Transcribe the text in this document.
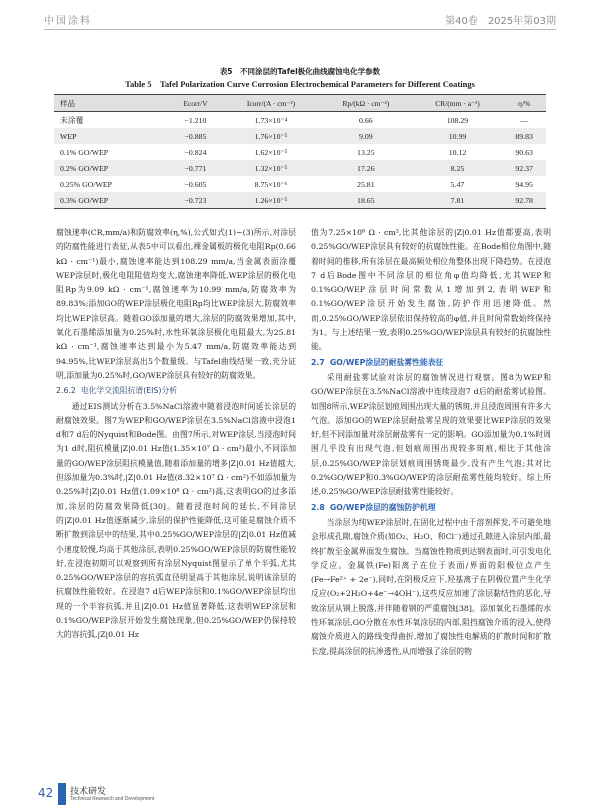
中国涂料	第40卷　2025年第03期
表5　不同涂层的Tafel极化曲线腐蚀电化学参数
Table 5　Tafel Polarization Curve Corrosion Electrochemical Parameters for Different Coatings
样品	Ecorr/V	Icorr/(A · cm⁻²)	Rp/(kΩ · cm⁻²)	CR/(mm · a⁻¹)	η/%
未涂覆	−1.210	1.73×10⁻⁴	0.66	108.29	—
WEP	−0.885	1.76×10⁻⁵	9.09	10.99	89.83
0.1% GO/WEP	−0.824	1.62×10⁻⁵	13.25	10.12	90.63
0.2% GO/WEP	−0.771	1.32×10⁻⁵	17.26	8.25	92.37
0.25% GO/WEP	−0.605	8.75×10⁻⁶	25.81	5.47	94.95
0.3% GO/WEP	−0.723	1.26×10⁻⁵	18.65	7.81	92.78

腐蚀速率(CR,mm/a)和防腐效率(η,%),公式如式(1)~(3)所示,对涂层的防腐性能进行表征,从表5中可以看出,裸金属板的极化电阻Rp(0.66 kΩ · cm⁻¹)最小,腐蚀速率能达到108.29 mm/a,当金属表面涂覆WEP涂层时,极化电阻阻值均变大,腐蚀速率降低,WEP涂层的极化电阻Rp为9.09 kΩ · cm⁻¹,腐蚀速率为10.99 mm/a,防腐效率为89.83%;添加GO的WEP涂层极化电阻Rp均比WEP涂层大,防腐效率均比WEP涂层高。随着GO添加量的增大,涂层的防腐效果增加,其中,氧化石墨烯添加量为0.25%时,水性环氧涂层极化电阻最大,为25.81 kΩ · cm⁻¹,腐蚀速率达到最小为5.47 mm/a,防腐效率能达到94.95%,比WEP涂层高出5个数量级。与Tafel曲线结果一致,充分证明,添加量为0.25%时,GO/WEP涂层具有较好的防腐效果。

2.6.2 电化学交流阻抗谱(EIS)分析

通过EIS测试分析在3.5%NaCl溶液中随着浸泡时间延长涂层的耐腐蚀效果。图7为WEP和GO/WEP涂层在3.5%NaCl溶液中浸泡1 d和7 d后的Nyquist和Bode图。由图7所示,对WEP涂层,当浸泡时间为1 d时,阻抗模量|Z|0.01 Hz值(1.35×10⁷ Ω · cm²)最小,不同添加量的GO/WEP涂层阻抗模量值,随着添加量的增多|Z|0.01 Hz值越大,但添加量为0.3%时,|Z|0.01 Hz值(8.32×10⁷ Ω · cm²)不如添加量为0.25%时|Z|0.01 Hz值(1.09×10⁸ Ω · cm²)高,这表明GO的过多添加,涂层的防腐效果降低[30]。随着浸泡时间的延长,不同涂层的|Z|0.01 Hz值逐渐减少,涂层的保护性能降低,这可能是腐蚀介质不断扩散到涂层中的结果,其中0.25%GO/WEP涂层的|Z|0.01 Hz值减小速度较慢,均高于其他涂层,表明0.25%GO/WEP涂层的防腐性能较好,在浸泡初期可以观察到所有涂层Nyquist图显示了单个半弧,尤其0.25%GO/WEP涂层的容抗弧直径明显高于其他涂层,说明该涂层的抗腐蚀性能较好。在浸泡7 d后WEP涂层和0.1%GO/WEP涂层均出现的一个半容抗弧,并且|Z|0.01 Hz值显著降低,这表明WEP涂层和0.1%GO/WEP涂层开始发生腐蚀现象,但0.25%GO/WEP仍保持较大的容抗弧,|Z|0.01 Hz

值为7.25×10⁸ Ω · cm²,比其他涂层的|Z|0.01 Hz值都要高,表明0.25%GO/WEP涂层具有较好的抗腐蚀性能。在Bode相位角图中,随着时间的推移,所有涂层在最高频处相位角整体出现下降趋势。在浸泡7 d后Bode图中不同涂层的相位角φ值均降低,尤其WEP和0.1%GO/WEP涂层时间常数从1增加到2,表明WEP和0.1%GO/WEP涂层开始发生腐蚀,防护作用迅速降低。然而,0.25%GO/WEP涂层依旧保持较高的φ值,并且时间常数始终保持为1。与上述结果一致,表明0.25%GO/WEP涂层具有较好的抗腐蚀性能。

2.7 GO/WEP涂层的耐盐雾性能表征

采用耐盐雾试验对涂层的腐蚀情况进行观察。图8为WEP和GO/WEP涂层在3.5%NaCl溶液中连续浸泡7 d后的耐盐雾试验图。如图8所示,WEP涂层划痕周围出现大量的锈斑,并且浸泡周围有许多大气泡。添加GO的WEP涂层耐盐雾呈现的效果要比WEP涂层的效果好,但不同添加量对涂层耐盐雾有一定的影响。GO添加量为0.1%时周围几乎没有出现气泡,但划痕周围出现较多斑痕,相比于其他涂层,0.25%GO/WEP涂层划痕周围锈斑最少,没有产生气泡;其对比0.2%GO/WEP和0.3%GO/WEP的涂层耐盐雾性能均较好。综上所述,0.25%GO/WEP涂层耐盐雾性能较好。

2.8 GO/WEP涂层的腐蚀防护机理

当涂层为纯WEP涂层时,在固化过程中由于溶剂挥发,不可避免地会形成孔隙,腐蚀介质(如O₂、H₂O、和Cl⁻)通过孔隙进入涂层内部,最终扩散至金属界面发生腐蚀。当腐蚀性物质到达钢表面时,可引发电化学反应。金属铁(Fe)阳离子在位于表面/界面的阳极位点产生(Fe→Fe²⁺ + 2e⁻),同时,在阴极反应下,羟基离子在阴极位置产生化学反应(O₂+2H₂O+4e⁻→4OH⁻),这些反应加速了涂层黏结性的恶化,导致涂层从钢上脱落,并伴随着钢的严重腐蚀[38]。添加氧化石墨烯的水性环氧涂层,GO分散在水性环氧涂层的内部,阻挡腐蚀介质的浸入,使得腐蚀介质进入的路线变得曲折,增加了腐蚀性电解质的扩散时间和扩散长度,提高涂层的抗渗透性,从而增强了涂层的物

42 技术研发
Technical Research and Development
